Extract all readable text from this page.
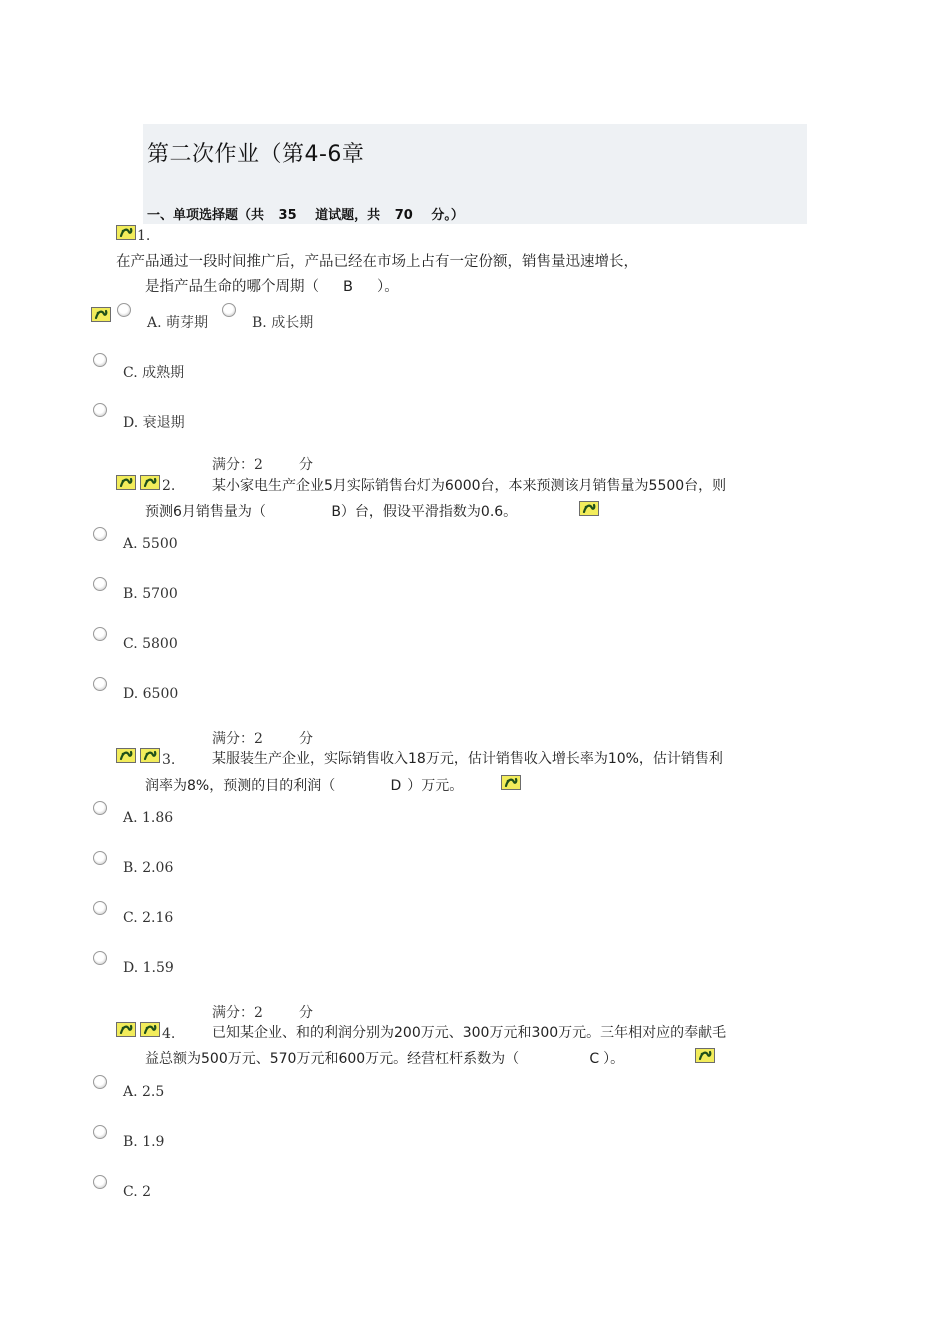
第二次作业（第4-6章
一、单项选择题（共 35 道试题，共 70 分。）
1.
在产品通过一段时间推广后，产品已经在市场上占有一定份额，销售量迅速增长，
是指产品生命的哪个周期（ B ）。
A. 萌芽期	B. 成长期
C. 成熟期
D. 衰退期
满分：2	分
2.	某小家电生产企业5月实际销售台灯为6000台，本来预测该月销售量为5500台，则
预测6月销售量为（	B）台，假设平滑指数为0.6。
A. 5500
B. 5700
C. 5800
D. 6500
满分：2	分
3.	某服装生产企业，实际销售收入18万元，估计销售收入增长率为10%，估计销售利
润率为8%，预测的目的利润（	D ）万元。
A. 1.86
B. 2.06
C. 2.16
D. 1.59
满分：2	分
4.	已知某企业、和的利润分别为200万元、300万元和300万元。三年相对应的奉献毛
益总额为500万元、570万元和600万元。经营杠杆系数为（	C ）。
A. 2.5
B. 1.9
C. 2
